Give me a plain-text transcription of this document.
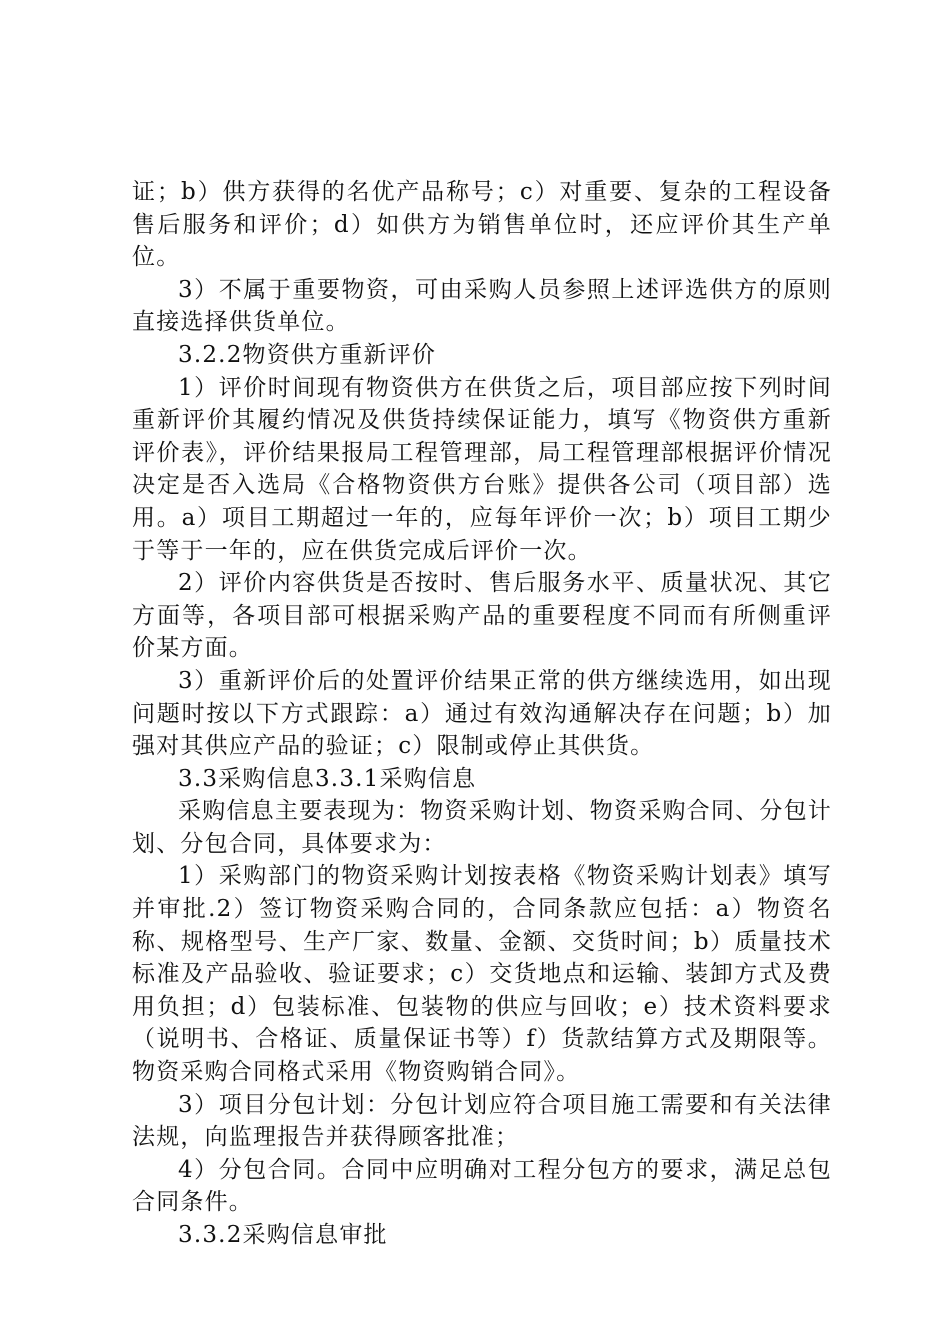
证；b）供方获得的名优产品称号；c）对重要、复杂的工程设备售后服务和评价；d）如供方为销售单位时，还应评价其生产单位。

3）不属于重要物资，可由采购人员参照上述评选供方的原则直接选择供货单位。

3.2.2物资供方重新评价

1）评价时间现有物资供方在供货之后，项目部应按下列时间重新评价其履约情况及供货持续保证能力，填写《物资供方重新评价表》，评价结果报局工程管理部，局工程管理部根据评价情况决定是否入选局《合格物资供方台账》提供各公司（项目部）选用。a）项目工期超过一年的，应每年评价一次；b）项目工期少于等于一年的，应在供货完成后评价一次。

2）评价内容供货是否按时、售后服务水平、质量状况、其它方面等，各项目部可根据采购产品的重要程度不同而有所侧重评价某方面。

3）重新评价后的处置评价结果正常的供方继续选用，如出现问题时按以下方式跟踪：a）通过有效沟通解决存在问题；b）加强对其供应产品的验证；c）限制或停止其供货。

3.3采购信息3.3.1采购信息

采购信息主要表现为：物资采购计划、物资采购合同、分包计划、分包合同，具体要求为：

1）采购部门的物资采购计划按表格《物资采购计划表》填写并审批.2）签订物资采购合同的，合同条款应包括：a）物资名称、规格型号、生产厂家、数量、金额、交货时间；b）质量技术标准及产品验收、验证要求；c）交货地点和运输、装卸方式及费用负担；d）包装标准、包装物的供应与回收；e）技术资料要求（说明书、合格证、质量保证书等）f）货款结算方式及期限等。物资采购合同格式采用《物资购销合同》。

3）项目分包计划：分包计划应符合项目施工需要和有关法律法规，向监理报告并获得顾客批准；

4）分包合同。合同中应明确对工程分包方的要求，满足总包合同条件。

3.3.2采购信息审批
